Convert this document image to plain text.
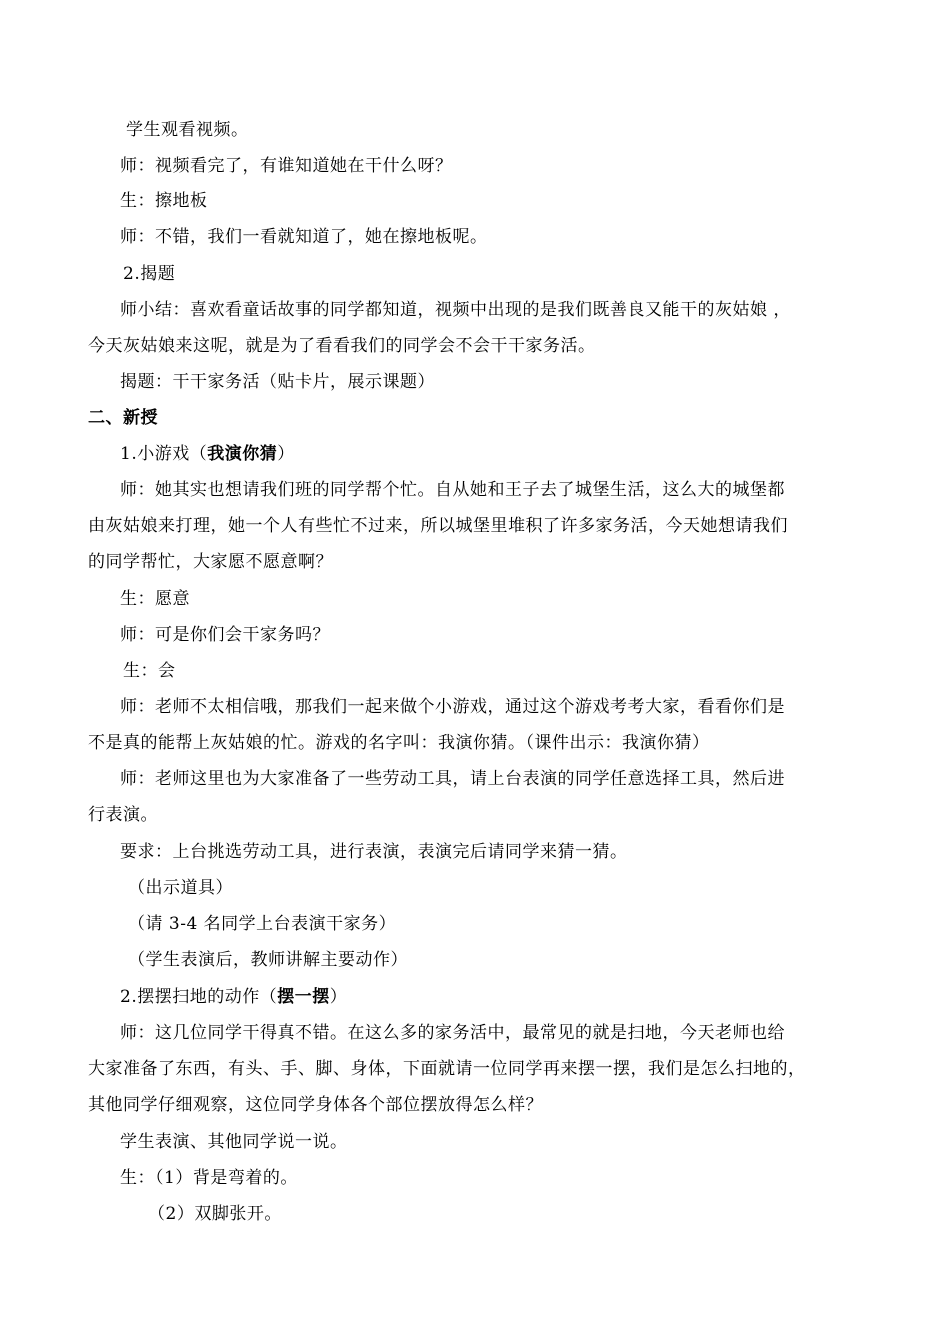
学生观看视频。
师：视频看完了，有谁知道她在干什么呀？
生：擦地板
师：不错，我们一看就知道了，她在擦地板呢。
2.揭题
师小结：喜欢看童话故事的同学都知道，视频中出现的是我们既善良又能干的灰姑娘 ，
今天灰姑娘来这呢，就是为了看看我们的同学会不会干干家务活。
揭题：干干家务活（贴卡片，展示课题）
二、新授
1.小游戏（我演你猜）
师：她其实也想请我们班的同学帮个忙。自从她和王子去了城堡生活，这么大的城堡都
由灰姑娘来打理，她一个人有些忙不过来，所以城堡里堆积了许多家务活，今天她想请我们
的同学帮忙，大家愿不愿意啊？
生：愿意
师：可是你们会干家务吗？
生：会
师：老师不太相信哦，那我们一起来做个小游戏，通过这个游戏考考大家，看看你们是
不是真的能帮上灰姑娘的忙。游戏的名字叫：我演你猜。（课件出示：我演你猜）
师：老师这里也为大家准备了一些劳动工具，请上台表演的同学任意选择工具，然后进
行表演。
要求：上台挑选劳动工具，进行表演，表演完后请同学来猜一猜。
（出示道具）
（请 3-4 名同学上台表演干家务）
（学生表演后，教师讲解主要动作）
2.摆摆扫地的动作（摆一摆）
师：这几位同学干得真不错。在这么多的家务活中，最常见的就是扫地，今天老师也给
大家准备了东西，有头、手、脚、身体，下面就请一位同学再来摆一摆，我们是怎么扫地的，
其他同学仔细观察，这位同学身体各个部位摆放得怎么样？
学生表演、其他同学说一说。
生：（1）背是弯着的。
（2）双脚张开。
